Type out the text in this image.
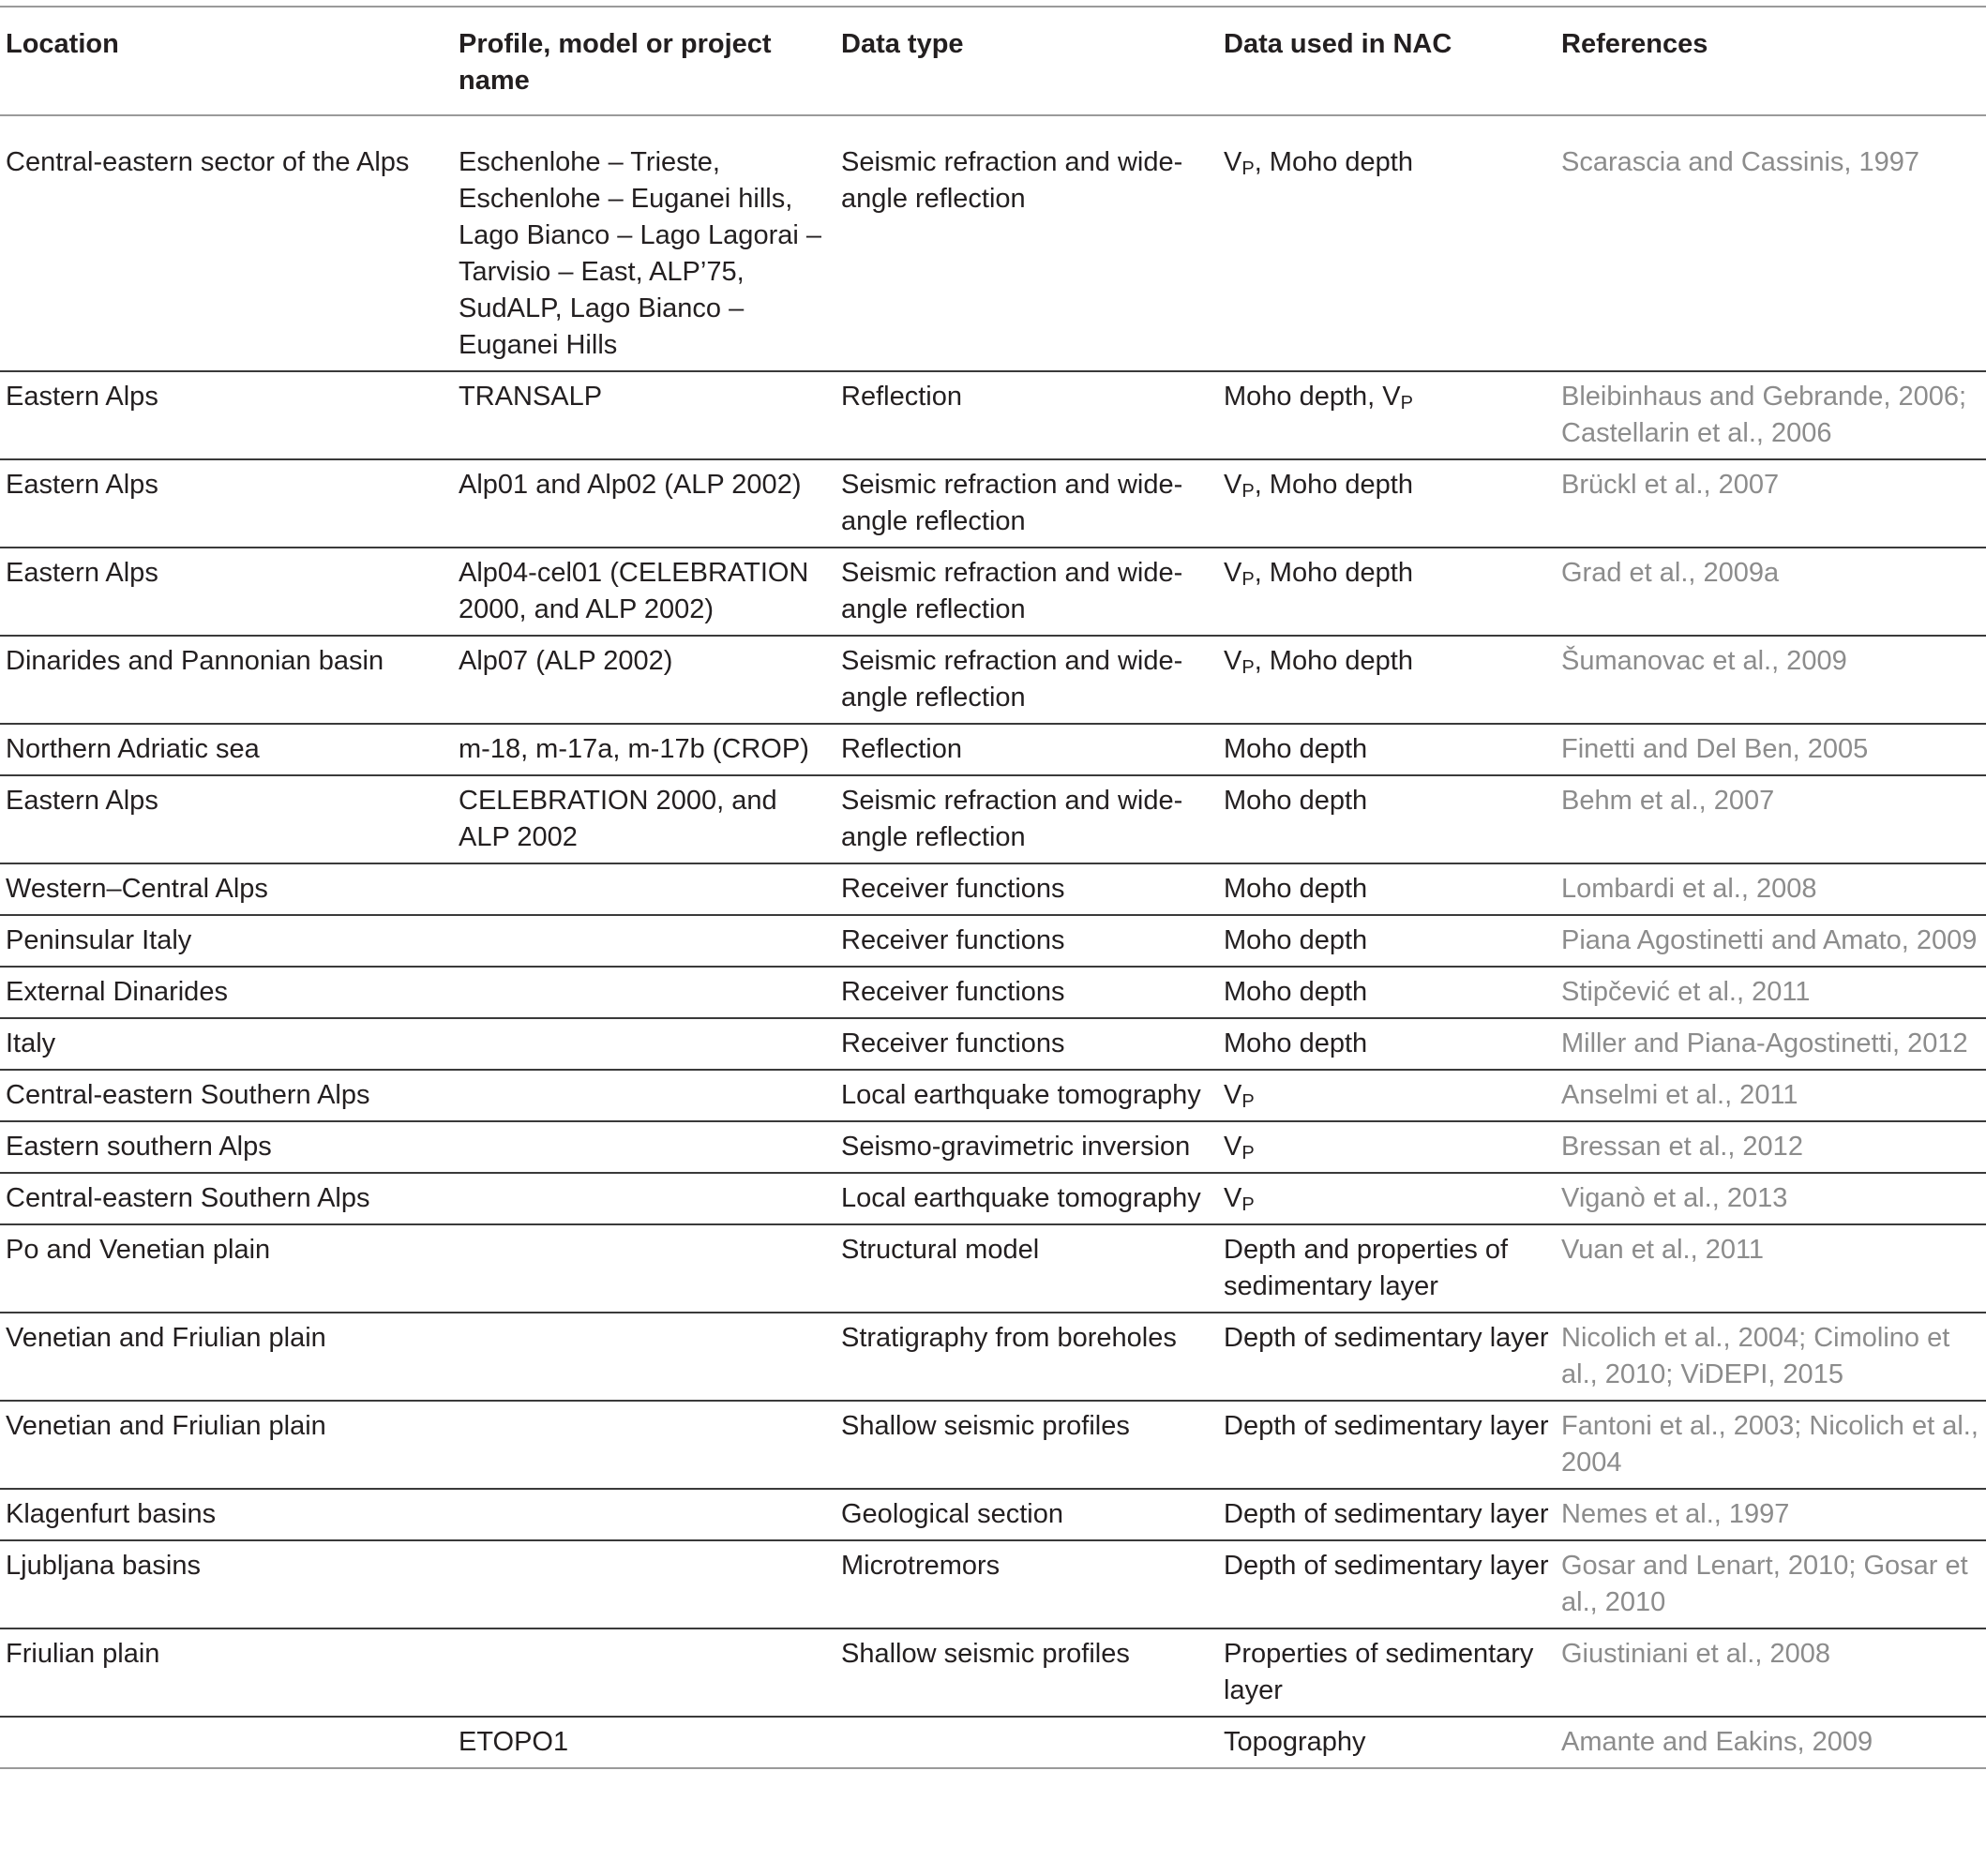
Location	Profile, model or project name	Data type	Data used in NAC	References
Central-eastern sector of the Alps	Eschenlohe – Trieste, Eschenlohe – Euganei hills, Lago Bianco – Lago Lagorai – Tarvisio – East, ALP’75, SudALP, Lago Bianco – Euganei Hills	Seismic refraction and wide- angle reflection	$V_P$, Moho depth	Scarascia and Cassinis, 1997
Eastern Alps	TRANSALP	Reflection	Moho depth, $V_P$	Bleibinhaus and Gebrande, 2006; Castellarin et al., 2006
Eastern Alps	Alp01 and Alp02 (ALP 2002)	Seismic refraction and wide- angle reflection	$V_P$, Moho depth	Brückl et al., 2007
Eastern Alps	Alp04-cel01 (CELEBRATION 2000, and ALP 2002)	Seismic refraction and wide- angle reflection	$V_P$, Moho depth	Grad et al., 2009a
Dinarides and Pannonian basin	Alp07 (ALP 2002)	Seismic refraction and wide- angle reflection	$V_P$, Moho depth	Šumanovac et al., 2009
Northern Adriatic sea	m-18, m-17a, m-17b (CROP)	Reflection	Moho depth	Finetti and Del Ben, 2005
Eastern Alps	CELEBRATION 2000, and ALP 2002	Seismic refraction and wide- angle reflection	Moho depth	Behm et al., 2007
Western–Central Alps		Receiver functions	Moho depth	Lombardi et al., 2008
Peninsular Italy		Receiver functions	Moho depth	Piana Agostinetti and Amato, 2009
External Dinarides		Receiver functions	Moho depth	Stipčević et al., 2011
Italy		Receiver functions	Moho depth	Miller and Piana-Agostinetti, 2012
Central-eastern Southern Alps		Local earthquake tomography	$V_P$	Anselmi et al., 2011
Eastern southern Alps		Seismo-gravimetric inversion	$V_P$	Bressan et al., 2012
Central-eastern Southern Alps		Local earthquake tomography	$V_P$	Viganò et al., 2013
Po and Venetian plain		Structural model	Depth and properties of sedimentary layer	Vuan et al., 2011
Venetian and Friulian plain		Stratigraphy from boreholes	Depth of sedimentary layer	Nicolich et al., 2004; Cimolino et al., 2010; ViDEPI, 2015
Venetian and Friulian plain		Shallow seismic profiles	Depth of sedimentary layer	Fantoni et al., 2003; Nicolich et al., 2004
Klagenfurt basins		Geological section	Depth of sedimentary layer	Nemes et al., 1997
Ljubljana basins		Microtremors	Depth of sedimentary layer	Gosar and Lenart, 2010; Gosar et al., 2010
Friulian plain		Shallow seismic profiles	Properties of sedimentary layer	Giustiniani et al., 2008
	ETOPO1		Topography	Amante and Eakins, 2009
